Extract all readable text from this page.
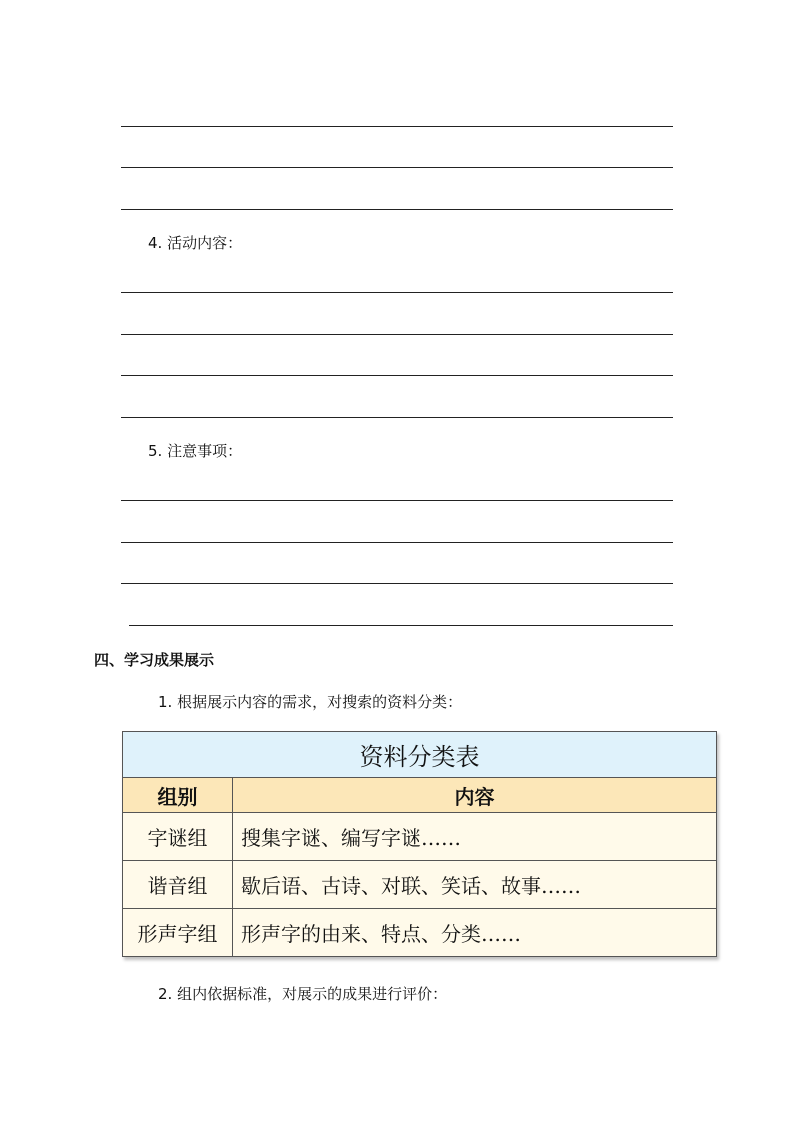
4. 活动内容：
5. 注意事项：
四、学习成果展示
1. 根据展示内容的需求，对搜索的资料分类：
资料分类表	
组别	内容
字谜组	搜集字谜、编写字谜……
谐音组	歇后语、古诗、对联、笑话、故事……
形声字组	形声字的由来、特点、分类……
2. 组内依据标准，对展示的成果进行评价：
